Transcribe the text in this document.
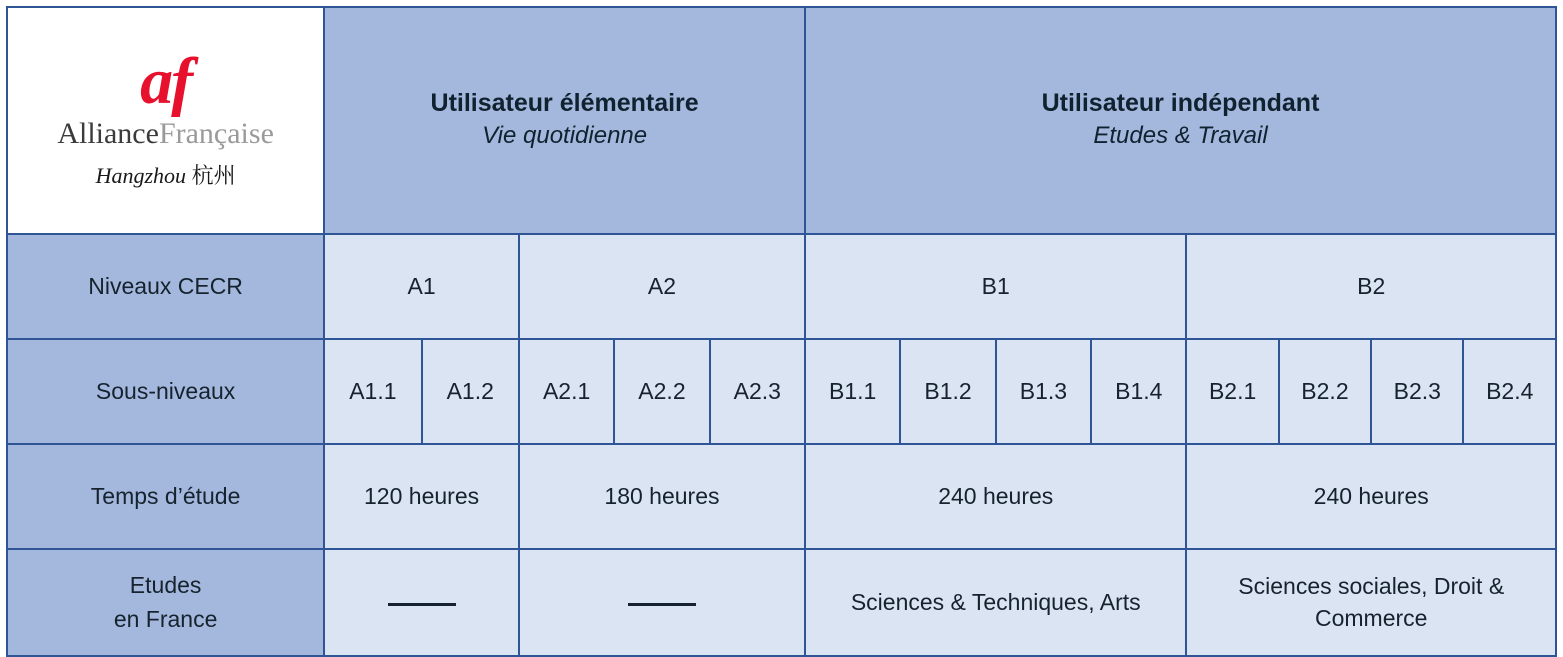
af
AllianceFrançaise
Hangzhou 杭州

Utilisateur élémentaire
Vie quotidienne

Utilisateur indépendant
Etudes & Travail

Niveaux CECR	A1		A2			B1				B2			
Sous-niveaux	A1.1	A1.2	A2.1	A2.2	A2.3	B1.1	B1.2	B1.3	B1.4	B2.1	B2.2	B2.3	B2.4
Temps d’étude	120 heures		180 heures			240 heures				240 heures			

Etudes
en France						Sciences & Techniques, Arts				Sciences sociales, Droit & Commerce			
